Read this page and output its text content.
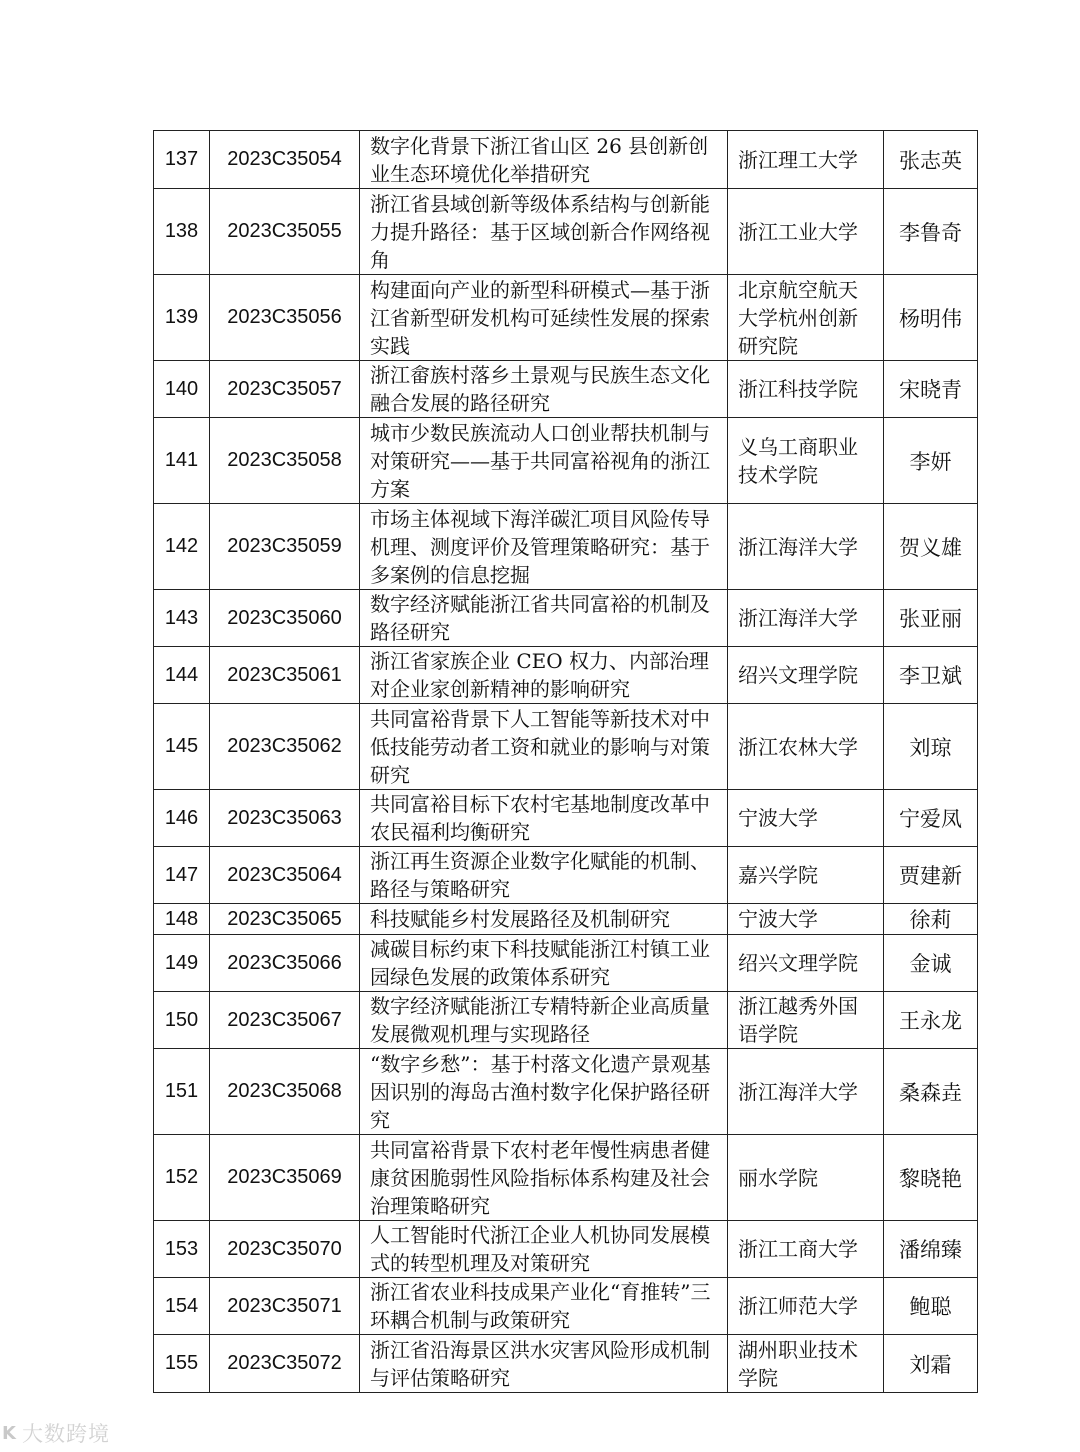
137	2023C35054	数字化背景下浙江省山区 26 县创新创业生态环境优化举措研究	浙江理工大学	张志英
138	2023C35055	浙江省县域创新等级体系结构与创新能力提升路径：基于区域创新合作网络视角	浙江工业大学	李鲁奇
139	2023C35056	构建面向产业的新型科研模式—基于浙江省新型研发机构可延续性发展的探索实践	北京航空航天大学杭州创新研究院	杨明伟
140	2023C35057	浙江畲族村落乡土景观与民族生态文化融合发展的路径研究	浙江科技学院	宋晓青
141	2023C35058	城市少数民族流动人口创业帮扶机制与对策研究——基于共同富裕视角的浙江方案	义乌工商职业技术学院	李妍
142	2023C35059	市场主体视域下海洋碳汇项目风险传导机理、测度评价及管理策略研究：基于多案例的信息挖掘	浙江海洋大学	贺义雄
143	2023C35060	数字经济赋能浙江省共同富裕的机制及路径研究	浙江海洋大学	张亚丽
144	2023C35061	浙江省家族企业 CEO 权力、内部治理对企业家创新精神的影响研究	绍兴文理学院	李卫斌
145	2023C35062	共同富裕背景下人工智能等新技术对中低技能劳动者工资和就业的影响与对策研究	浙江农林大学	刘琼
146	2023C35063	共同富裕目标下农村宅基地制度改革中农民福利均衡研究	宁波大学	宁爱凤
147	2023C35064	浙江再生资源企业数字化赋能的机制、路径与策略研究	嘉兴学院	贾建新
148	2023C35065	科技赋能乡村发展路径及机制研究	宁波大学	徐莉
149	2023C35066	减碳目标约束下科技赋能浙江村镇工业园绿色发展的政策体系研究	绍兴文理学院	金诚
150	2023C35067	数字经济赋能浙江专精特新企业高质量发展微观机理与实现路径	浙江越秀外国语学院	王永龙
151	2023C35068	“数字乡愁”：基于村落文化遗产景观基因识别的海岛古渔村数字化保护路径研究	浙江海洋大学	桑森垚
152	2023C35069	共同富裕背景下农村老年慢性病患者健康贫困脆弱性风险指标体系构建及社会治理策略研究	丽水学院	黎晓艳
153	2023C35070	人工智能时代浙江企业人机协同发展模式的转型机理及对策研究	浙江工商大学	潘绵臻
154	2023C35071	浙江省农业科技成果产业化“育推转”三环耦合机制与政策研究	浙江师范大学	鲍聪
155	2023C35072	浙江省沿海景区洪水灾害风险形成机制与评估策略研究	湖州职业技术学院	刘霜
K 大数跨境
